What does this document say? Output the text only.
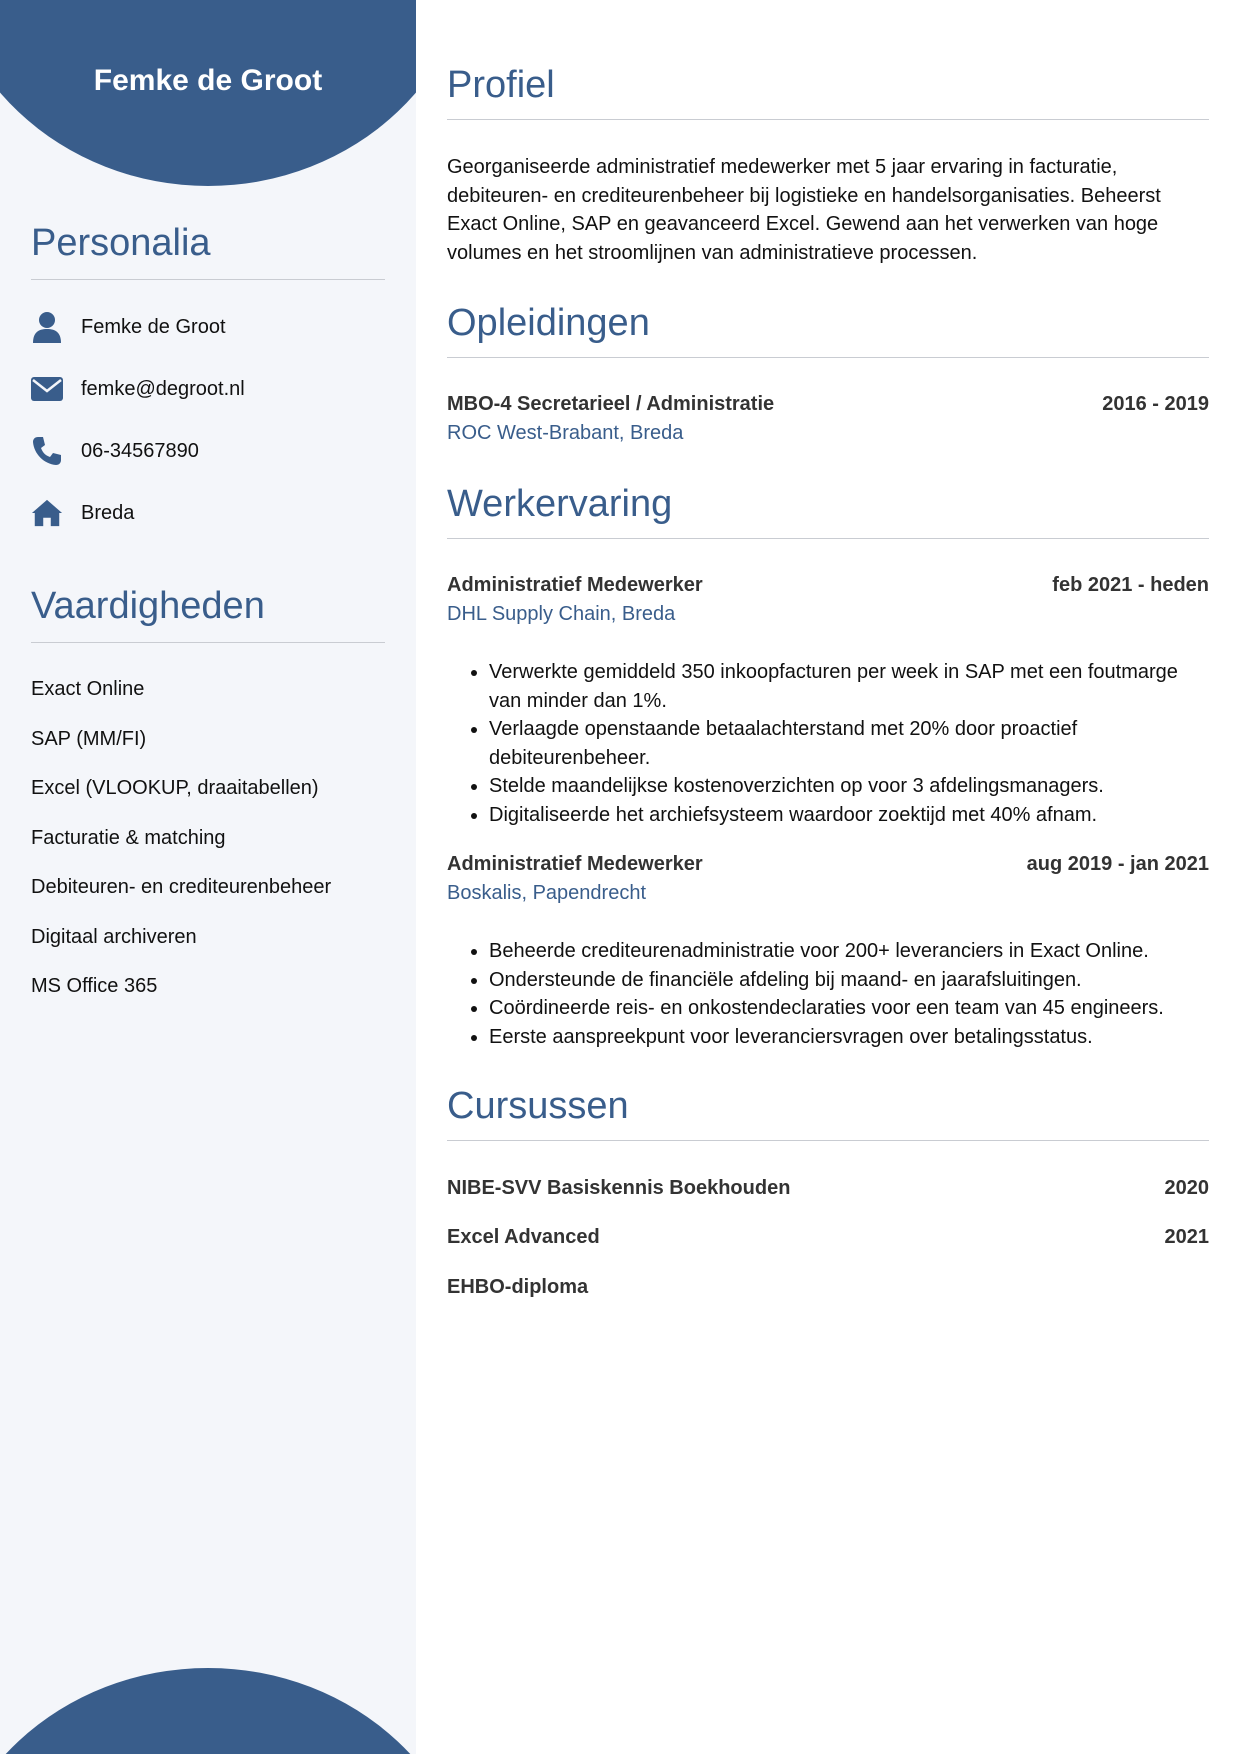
Femke de Groot
Personalia
Femke de Groot
femke@degroot.nl
06-34567890
Breda
Vaardigheden
Exact Online
SAP (MM/FI)
Excel (VLOOKUP, draaitabellen)
Facturatie & matching
Debiteuren- en crediteurenbeheer
Digitaal archiveren
MS Office 365
Profiel

Georganiseerde administratief medewerker met 5 jaar ervaring in facturatie, debiteuren- en crediteurenbeheer bij logistieke en handelsorganisaties. Beheerst Exact Online, SAP en geavanceerd Excel. Gewend aan het verwerken van hoge volumes en het stroomlijnen van administratieve processen.

Opleidingen
MBO-4 Secretarieel / Administratie	2016 - 2019
ROC West-Brabant, Breda
Werkervaring
Administratief Medewerker	feb 2021 - heden
DHL Supply Chain, Breda
• Verwerkte gemiddeld 350 inkoopfacturen per week in SAP met een foutmarge van minder dan 1%.
• Verlaagde openstaande betaalachterstand met 20% door proactief debiteurenbeheer.
• Stelde maandelijkse kostenoverzichten op voor 3 afdelingsmanagers.
• Digitaliseerde het archiefsysteem waardoor zoektijd met 40% afnam.
Administratief Medewerker	aug 2019 - jan 2021
Boskalis, Papendrecht
• Beheerde crediteurenadministratie voor 200+ leveranciers in Exact Online.
• Ondersteunde de financiële afdeling bij maand- en jaarafsluitingen.
• Coördineerde reis- en onkostendeclaraties voor een team van 45 engineers.
• Eerste aanspreekpunt voor leveranciersvragen over betalingsstatus.
Cursussen
NIBE-SVV Basiskennis Boekhouden	2020
Excel Advanced	2021
EHBO-diploma
